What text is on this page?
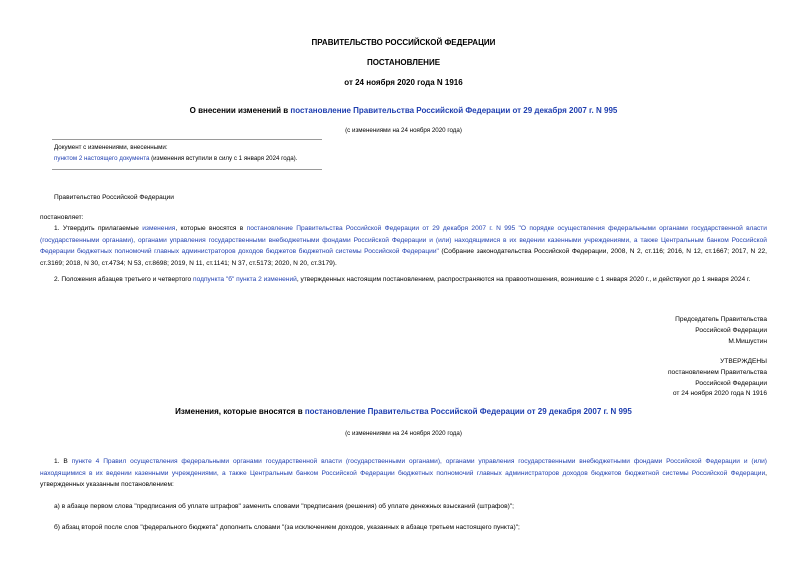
ПРАВИТЕЛЬСТВО РОССИЙСКОЙ ФЕДЕРАЦИИ
ПОСТАНОВЛЕНИЕ
от 24 ноября 2020 года N 1916
О внесении изменений в постановление Правительства Российской Федерации от 29 декабря 2007 г. N 995
(с изменениями на 24 ноября 2020 года)
Документ с изменениями, внесенными:
пунктом 2 настоящего документа (изменения вступили в силу с 1 января 2024 года).
Правительство Российской Федерации
постановляет:
1. Утвердить прилагаемые изменения, которые вносятся в постановление Правительства Российской Федерации от 29 декабря 2007 г. N 995 "О порядке осуществления федеральными органами государственной власти (государственными органами), органами управления государственными внебюджетными фондами Российской Федерации и (или) находящимися в их ведении казенными учреждениями, а также Центральным банком Российской Федерации бюджетных полномочий главных администраторов доходов бюджетов бюджетной системы Российской Федерации" (Собрание законодательства Российской Федерации, 2008, N 2, ст.116; 2016, N 12, ст.1667; 2017, N 22, ст.3169; 2018, N 30, ст.4734; N 53, ст.8698; 2019, N 11, ст.1141; N 37, ст.5173; 2020, N 20, ст.3179).
2. Положения абзацев третьего и четвертого подпункта "б" пункта 2 изменений, утвержденных настоящим постановлением, распространяются на правоотношения, возникшие с 1 января 2020 г., и действуют до 1 января 2024 г.
Председатель Правительства
Российской Федерации
М.Мишустин
УТВЕРЖДЕНЫ
постановлением Правительства
Российской Федерации
от 24 ноября 2020 года N 1916
Изменения, которые вносятся в постановление Правительства Российской Федерации от 29 декабря 2007 г. N 995
(с изменениями на 24 ноября 2020 года)
1. В пункте 4 Правил осуществления федеральными органами государственной власти (государственными органами), органами управления государственными внебюджетными фондами Российской Федерации и (или) находящимися в их ведении казенными учреждениями, а также Центральным банком Российской Федерации бюджетных полномочий главных администраторов доходов бюджетов бюджетной системы Российской Федерации, утвержденных указанным постановлением:
а) в абзаце первом слова "предписания об уплате штрафов" заменить словами "предписания (решения) об уплате денежных взысканий (штрафов)";
б) абзац второй после слов "федерального бюджета" дополнить словами "(за исключением доходов, указанных в абзаце третьем настоящего пункта)";
